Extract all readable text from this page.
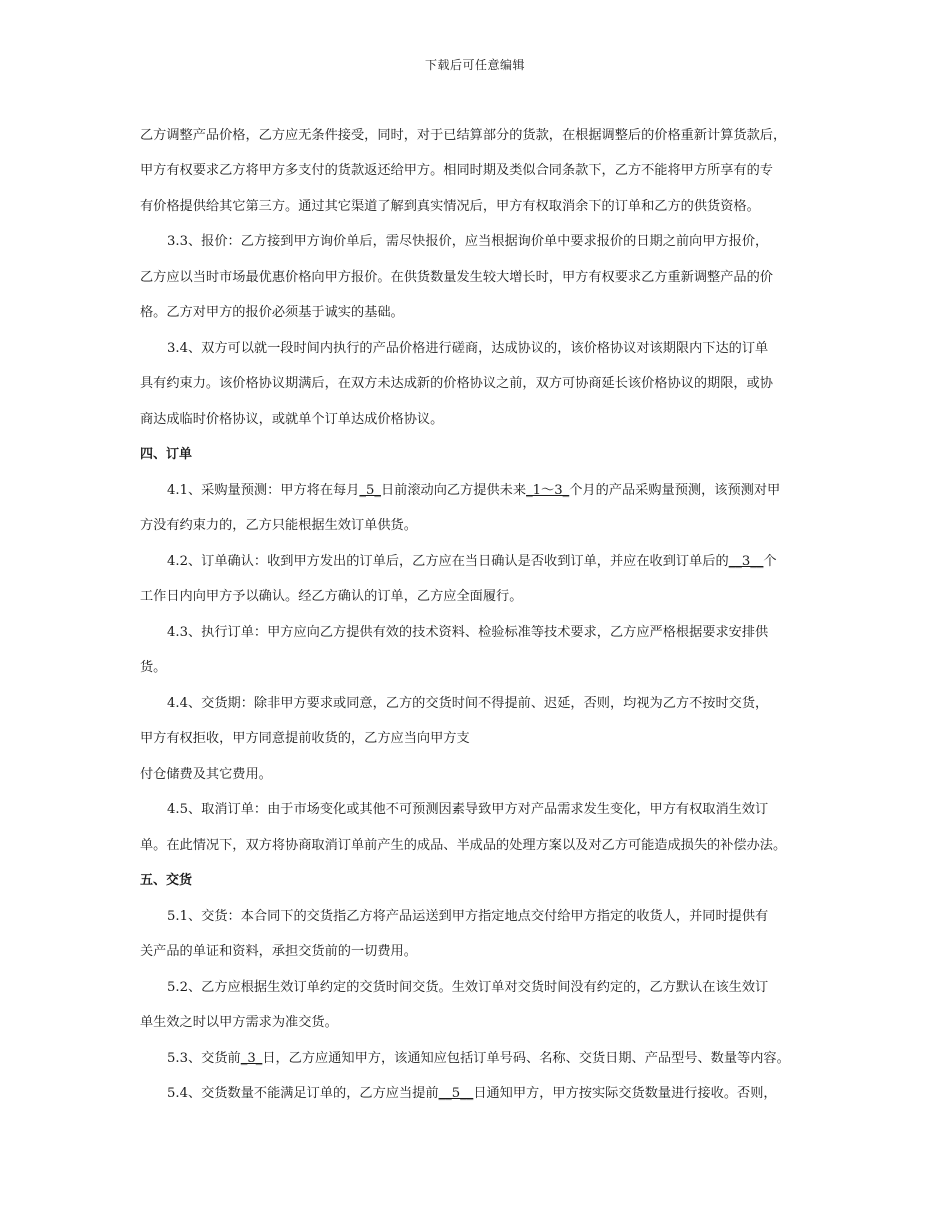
下载后可任意编辑
乙方调整产品价格，乙方应无条件接受，同时，对于已结算部分的货款，在根据调整后的价格重新计算货款后，
甲方有权要求乙方将甲方多支付的货款返还给甲方。相同时期及类似合同条款下，乙方不能将甲方所享有的专
有价格提供给其它第三方。通过其它渠道了解到真实情况后，甲方有权取消余下的订单和乙方的供货资格。
3.3、报价：乙方接到甲方询价单后，需尽快报价，应当根据询价单中要求报价的日期之前向甲方报价，
乙方应以当时市场最优惠价格向甲方报价。在供货数量发生较大增长时，甲方有权要求乙方重新调整产品的价
格。乙方对甲方的报价必须基于诚实的基础。
3.4、双方可以就一段时间内执行的产品价格进行磋商，达成协议的，该价格协议对该期限内下达的订单
具有约束力。该价格协议期满后，在双方未达成新的价格协议之前，双方可协商延长该价格协议的期限，或协
商达成临时价格协议，或就单个订单达成价格协议。
四、订单
4.1、采购量预测：甲方将在每月_5_日前滚动向乙方提供未来_1～3_个月的产品采购量预测，该预测对甲
方没有约束力的，乙方只能根据生效订单供货。
4.2、订单确认：收到甲方发出的订单后，乙方应在当日确认是否收到订单，并应在收到订单后的__3__个
工作日内向甲方予以确认。经乙方确认的订单，乙方应全面履行。
4.3、执行订单：甲方应向乙方提供有效的技术资料、检验标准等技术要求，乙方应严格根据要求安排供
货。
4.4、交货期：除非甲方要求或同意，乙方的交货时间不得提前、迟延，否则，均视为乙方不按时交货，
甲方有权拒收，甲方同意提前收货的，乙方应当向甲方支
付仓储费及其它费用。
4.5、取消订单：由于市场变化或其他不可预测因素导致甲方对产品需求发生变化，甲方有权取消生效订
单。在此情况下，双方将协商取消订单前产生的成品、半成品的处理方案以及对乙方可能造成损失的补偿办法。
五、交货
5.1、交货：本合同下的交货指乙方将产品运送到甲方指定地点交付给甲方指定的收货人，并同时提供有
关产品的单证和资料，承担交货前的一切费用。
5.2、乙方应根据生效订单约定的交货时间交货。生效订单对交货时间没有约定的，乙方默认在该生效订
单生效之时以甲方需求为准交货。
5.3、交货前_3_日，乙方应通知甲方，该通知应包括订单号码、名称、交货日期、产品型号、数量等内容。
5.4、交货数量不能满足订单的，乙方应当提前__5__日通知甲方，甲方按实际交货数量进行接收。否则，
